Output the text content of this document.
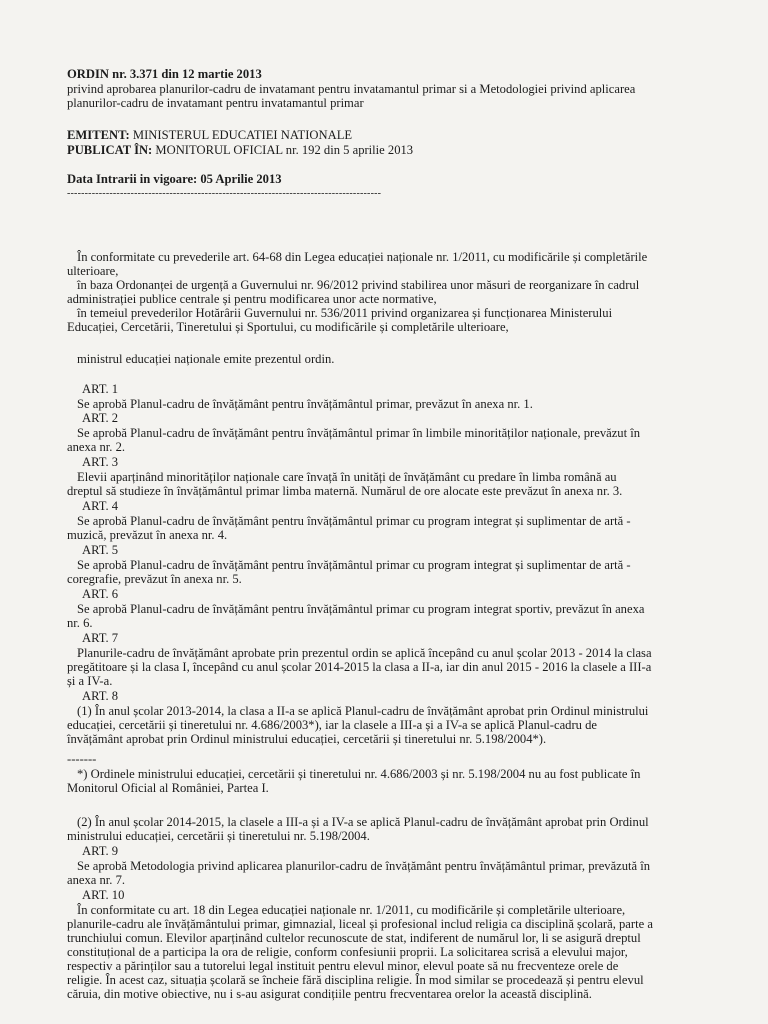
ORDIN nr. 3.371 din 12 martie 2013
privind aprobarea planurilor-cadru de invatamant pentru invatamantul primar si a Metodologiei privind aplicarea
planurilor-cadru de invatamant pentru invatamantul primar
EMITENT: MINISTERUL EDUCATIEI NATIONALE
PUBLICAT ÎN: MONITORUL OFICIAL nr. 192 din 5 aprilie 2013
Data Intrarii in vigoare: 05 Aprilie 2013
-----------------------------------------------------------------------------------------
În conformitate cu prevederile art. 64-68 din Legea educației naționale nr. 1/2011, cu modificările și completările
ulterioare,
în baza Ordonanței de urgență a Guvernului nr. 96/2012 privind stabilirea unor măsuri de reorganizare în cadrul
administrației publice centrale și pentru modificarea unor acte normative,
în temeiul prevederilor Hotărârii Guvernului nr. 536/2011 privind organizarea și funcționarea Ministerului
Educației, Cercetării, Tineretului și Sportului, cu modificările și completările ulterioare,
ministrul educației naționale emite prezentul ordin.
ART. 1
Se aprobă Planul-cadru de învățământ pentru învățământul primar, prevăzut în anexa nr. 1.
ART. 2
Se aprobă Planul-cadru de învățământ pentru învățământul primar în limbile minorităților naționale, prevăzut în
anexa nr. 2.
ART. 3
Elevii aparținând minorităților naționale care învață în unități de învățământ cu predare în limba română au
dreptul să studieze în învățământul primar limba maternă. Numărul de ore alocate este prevăzut în anexa nr. 3.
ART. 4
Se aprobă Planul-cadru de învățământ pentru învățământul primar cu program integrat și suplimentar de artă -
muzică, prevăzut în anexa nr. 4.
ART. 5
Se aprobă Planul-cadru de învățământ pentru învățământul primar cu program integrat și suplimentar de artă -
coregrafie, prevăzut în anexa nr. 5.
ART. 6
Se aprobă Planul-cadru de învățământ pentru învățământul primar cu program integrat sportiv, prevăzut în anexa
nr. 6.
ART. 7
Planurile-cadru de învățământ aprobate prin prezentul ordin se aplică începând cu anul școlar 2013 - 2014 la clasa
pregătitoare și la clasa I, începând cu anul școlar 2014-2015 la clasa a II-a, iar din anul 2015 - 2016 la clasele a III-a
și a IV-a.
ART. 8
(1) În anul școlar 2013-2014, la clasa a II-a se aplică Planul-cadru de învățământ aprobat prin Ordinul ministrului
educației, cercetării și tineretului nr. 4.686/2003*), iar la clasele a III-a și a IV-a se aplică Planul-cadru de
învățământ aprobat prin Ordinul ministrului educației, cercetării și tineretului nr. 5.198/2004*).
-------
*) Ordinele ministrului educației, cercetării și tineretului nr. 4.686/2003 și nr. 5.198/2004 nu au fost publicate în
Monitorul Oficial al României, Partea I.
(2) În anul școlar 2014-2015, la clasele a III-a și a IV-a se aplică Planul-cadru de învățământ aprobat prin Ordinul
ministrului educației, cercetării și tineretului nr. 5.198/2004.
ART. 9
Se aprobă Metodologia privind aplicarea planurilor-cadru de învățământ pentru învățământul primar, prevăzută în
anexa nr. 7.
ART. 10
În conformitate cu art. 18 din Legea educației naționale nr. 1/2011, cu modificările și completările ulterioare,
planurile-cadru ale învățământului primar, gimnazial, liceal și profesional includ religia ca disciplină școlară, parte a
trunchiului comun. Elevilor aparținând cultelor recunoscute de stat, indiferent de numărul lor, li se asigură dreptul
constituțional de a participa la ora de religie, conform confesiunii proprii. La solicitarea scrisă a elevului major,
respectiv a părinților sau a tutorelui legal instituit pentru elevul minor, elevul poate să nu frecventeze orele de
religie. În acest caz, situația școlară se încheie fără disciplina religie. În mod similar se procedează și pentru elevul
căruia, din motive obiective, nu i s-au asigurat condițiile pentru frecventarea orelor la această disciplină.
